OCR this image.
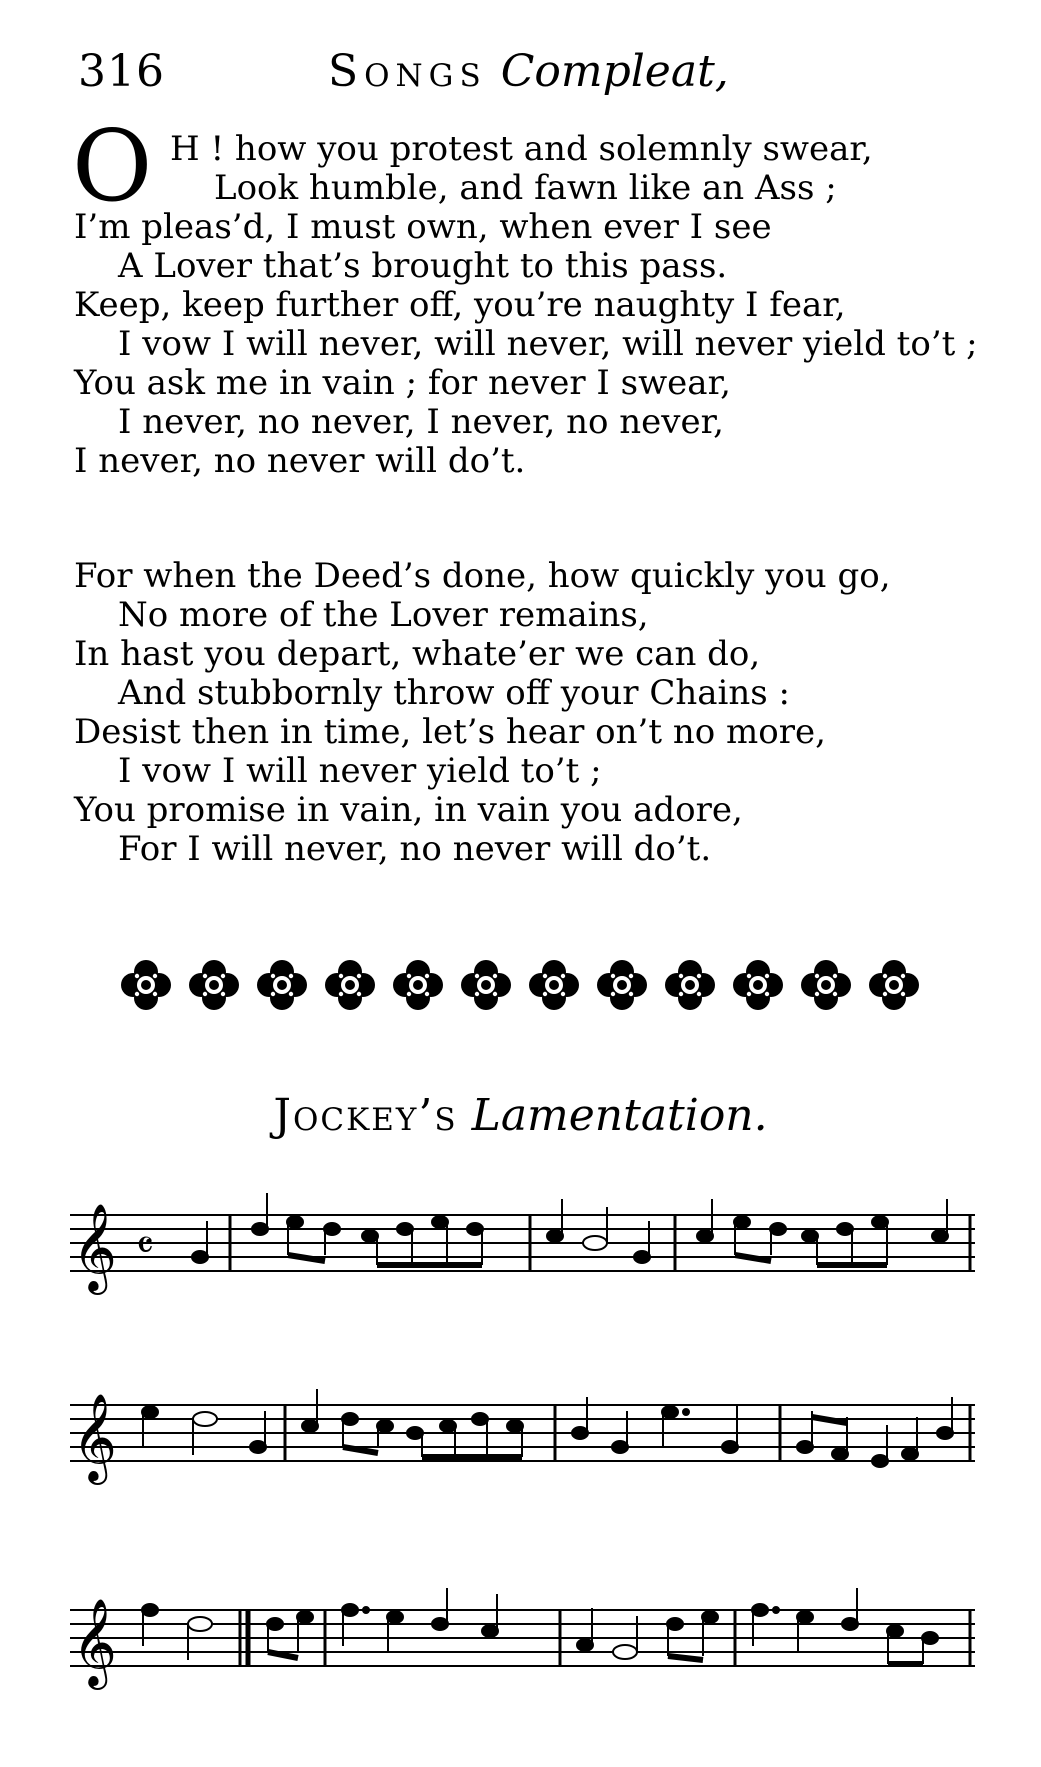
316	Songs Compleat,
O H ! how you protest and solemnly swear,
Look humble, and fawn like an Ass ;
I’m pleas’d, I must own, when ever I see
A Lover that’s brought to this pass.
Keep, keep further off, you’re naughty I fear,
I vow I will never, will never, will never yield to’t ;
You ask me in vain ; for never I swear,
I never, no never, I never, no never,
I never, no never will do’t.
For when the Deed’s done, how quickly you go,
No more of the Lover remains,
In hast you depart, whate’er we can do,
And stubbornly throw off your Chains :
Desist then in time, let’s hear on’t no more,
I vow I will never yield to’t ;
You promise in vain, in vain you adore,
For I will never, no never will do’t.
Jockey’s Lamentation.
𝄞 𝄴
𝄞
𝄞
